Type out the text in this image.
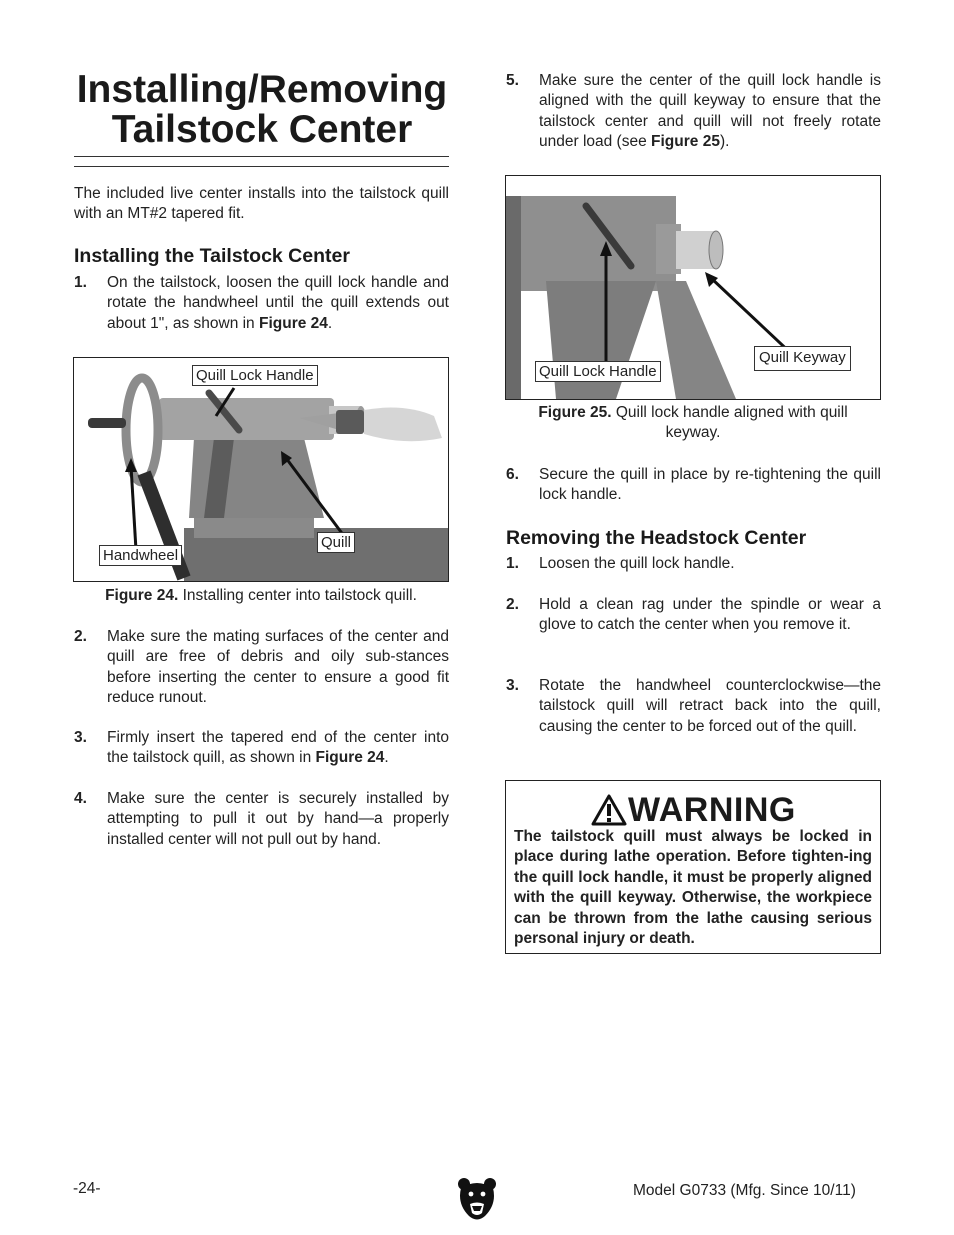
Installing/Removing
Tailstock Center

The included live center installs into the tailstock quill with an MT#2 tapered fit.

Installing the Tailstock Center
1. On the tailstock, loosen the quill lock handle and rotate the handwheel until the quill extends out about 1", as shown in Figure 24.
Quill Lock Handle
Handwheel
Quill
Figure 24. Installing center into tailstock quill.
2. Make sure the mating surfaces of the center and quill are free of debris and oily sub-stances before inserting the center to ensure a good fit reduce runout.
3. Firmly insert the tapered end of the center into the tailstock quill, as shown in Figure 24.
4. Make sure the center is securely installed by attempting to pull it out by hand—a properly installed center will not pull out by hand.
5. Make sure the center of the quill lock handle is aligned with the quill keyway to ensure that the tailstock center and quill will not freely rotate under load (see Figure 25).
Quill Lock Handle
Quill Keyway
Figure 25. Quill lock handle aligned with quill keyway.
6. Secure the quill in place by re-tightening the quill lock handle.
Removing the Headstock Center
1. Loosen the quill lock handle.
2. Hold a clean rag under the spindle or wear a glove to catch the center when you remove it.
3. Rotate the handwheel counterclockwise—the tailstock quill will retract back into the quill, causing the center to be forced out of the quill.
WARNING
The tailstock quill must always be locked in place during lathe operation. Before tighten-ing the quill lock handle, it must be properly aligned with the quill keyway. Otherwise, the workpiece can be thrown from the lathe causing serious personal injury or death.
-24-	Model G0733 (Mfg. Since 10/11)
